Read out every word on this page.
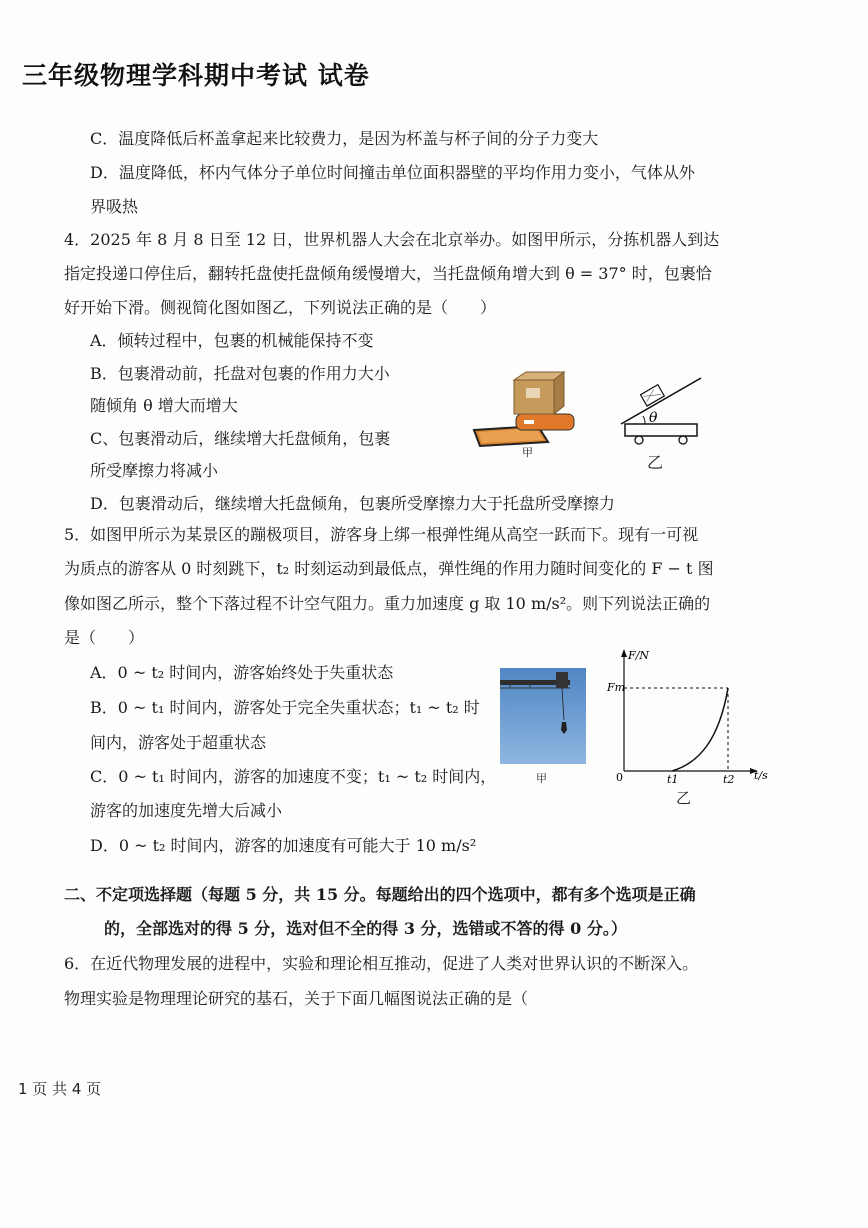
三年级物理学科期中考试 试卷
C．温度降低后杯盖拿起来比较费力，是因为杯盖与杯子间的分子力变大
D．温度降低，杯内气体分子单位时间撞击单位面积器壁的平均作用力变小，气体从外
界吸热
4．2025 年 8 月 8 日至 12 日，世界机器人大会在北京举办。如图甲所示，分拣机器人到达
指定投递口停住后，翻转托盘使托盘倾角缓慢增大，当托盘倾角增大到 θ = 37° 时，包裹恰
好开始下滑。侧视简化图如图乙，下列说法正确的是（　　）
A．倾转过程中，包裹的机械能保持不变
B．包裹滑动前，托盘对包裹的作用力大小
随倾角 θ 增大而增大
C、包裹滑动后，继续增大托盘倾角，包裹
所受摩擦力将减小
D．包裹滑动后，继续增大托盘倾角，包裹所受摩擦力大于托盘所受摩擦力
甲
θ
乙
5．如图甲所示为某景区的蹦极项目，游客身上绑一根弹性绳从高空一跃而下。现有一可视
为质点的游客从 0 时刻跳下，t₂ 时刻运动到最低点，弹性绳的作用力随时间变化的 F − t 图
像如图乙所示，整个下落过程不计空气阻力。重力加速度 g 取 10 m/s²。则下列说法正确的
是（　　）
A．0 ~ t₂ 时间内，游客始终处于失重状态
B．0 ~ t₁ 时间内，游客处于完全失重状态；t₁ ~ t₂ 时
间内，游客处于超重状态
C．0 ~ t₁ 时间内，游客的加速度不变；t₁ ~ t₂ 时间内，
游客的加速度先增大后减小
D．0 ~ t₂ 时间内，游客的加速度有可能大于 10 m/s²
甲
F/N
t/s
0
Fm
t1	t2
乙
二、不定项选择题（每题 5 分，共 15 分。每题给出的四个选项中，都有多个选项是正确
的，全部选对的得 5 分，选对但不全的得 3 分，选错或不答的得 0 分。）
6．在近代物理发展的进程中，实验和理论相互推动，促进了人类对世界认识的不断深入。
物理实验是物理理论研究的基石，关于下面几幅图说法正确的是（
1 页 共 4 页
